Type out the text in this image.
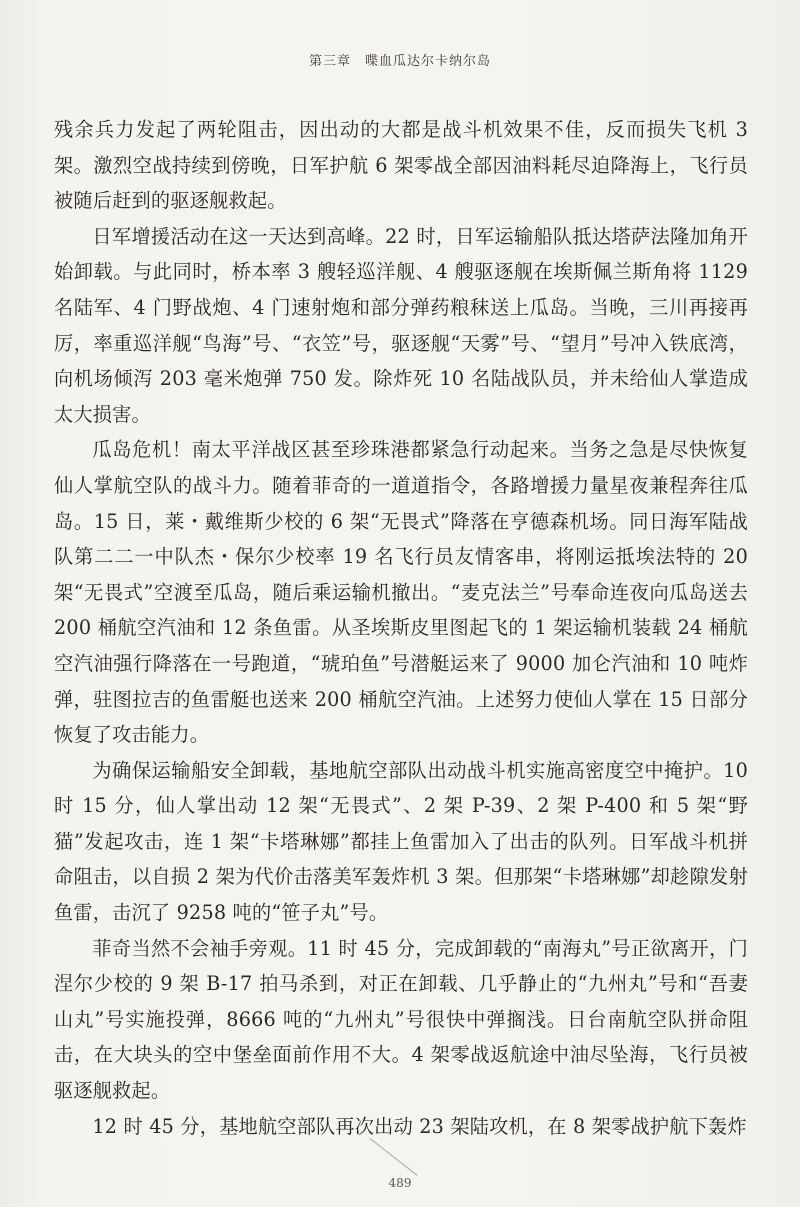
第三章　喋血瓜达尔卡纳尔岛

残余兵力发起了两轮阻击，因出动的大都是战斗机效果不佳，反而损失飞机 3 架。激烈空战持续到傍晚，日军护航 6 架零战全部因油料耗尽迫降海上，飞行员被随后赶到的驱逐舰救起。

日军增援活动在这一天达到高峰。22 时，日军运输船队抵达塔萨法隆加角开始卸载。与此同时，桥本率 3 艘轻巡洋舰、4 艘驱逐舰在埃斯佩兰斯角将 1129 名陆军、4 门野战炮、4 门速射炮和部分弹药粮秣送上瓜岛。当晚，三川再接再厉，率重巡洋舰“鸟海”号、“衣笠”号，驱逐舰“天雾”号、“望月”号冲入铁底湾，向机场倾泻 203 毫米炮弹 750 发。除炸死 10 名陆战队员，并未给仙人掌造成太大损害。

瓜岛危机！南太平洋战区甚至珍珠港都紧急行动起来。当务之急是尽快恢复仙人掌航空队的战斗力。随着菲奇的一道道指令，各路增援力量星夜兼程奔往瓜岛。15 日，莱・戴维斯少校的 6 架“无畏式”降落在亨德森机场。同日海军陆战队第二二一中队杰・保尔少校率 19 名飞行员友情客串，将刚运抵埃法特的 20 架“无畏式”空渡至瓜岛，随后乘运输机撤出。“麦克法兰”号奉命连夜向瓜岛送去 200 桶航空汽油和 12 条鱼雷。从圣埃斯皮里图起飞的 1 架运输机装载 24 桶航空汽油强行降落在一号跑道，“琥珀鱼”号潜艇运来了 9000 加仑汽油和 10 吨炸弹，驻图拉吉的鱼雷艇也送来 200 桶航空汽油。上述努力使仙人掌在 15 日部分恢复了攻击能力。

为确保运输船安全卸载，基地航空部队出动战斗机实施高密度空中掩护。10 时 15 分，仙人掌出动 12 架“无畏式”、2 架 P-39、2 架 P-400 和 5 架“野猫”发起攻击，连 1 架“卡塔琳娜”都挂上鱼雷加入了出击的队列。日军战斗机拼命阻击，以自损 2 架为代价击落美军轰炸机 3 架。但那架“卡塔琳娜”却趁隙发射鱼雷，击沉了 9258 吨的“笹子丸”号。

菲奇当然不会袖手旁观。11 时 45 分，完成卸载的“南海丸”号正欲离开，门涅尔少校的 9 架 B-17 拍马杀到，对正在卸载、几乎静止的“九州丸”号和“吾妻山丸”号实施投弹，8666 吨的“九州丸”号很快中弹搁浅。日台南航空队拼命阻击，在大块头的空中堡垒面前作用不大。4 架零战返航途中油尽坠海，飞行员被驱逐舰救起。

12 时 45 分，基地航空部队再次出动 23 架陆攻机，在 8 架零战护航下轰炸

489
